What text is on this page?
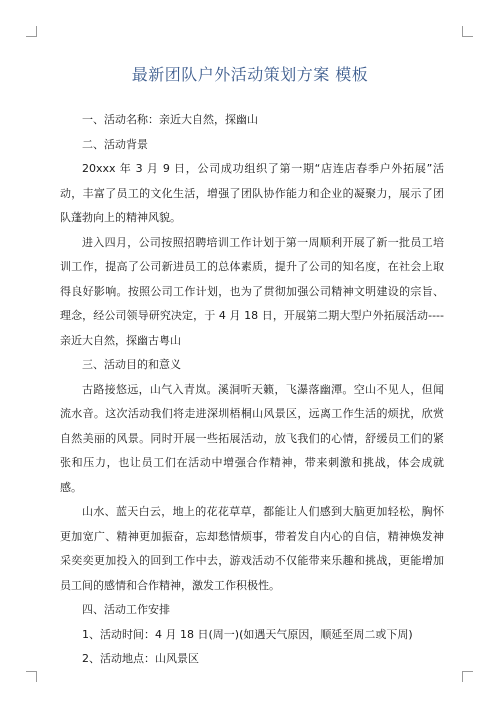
最新团队户外活动策划方案 模板

一、活动名称：亲近大自然，探幽山

二、活动背景

20xxx 年 3 月 9 日，公司成功组织了第一期“店连店春季户外拓展”活动，丰富了员工的文化生活，增强了团队协作能力和企业的凝聚力，展示了团队蓬勃向上的精神风貌。

进入四月，公司按照招聘培训工作计划于第一周顺利开展了新一批员工培训工作，提高了公司新进员工的总体素质，提升了公司的知名度，在社会上取得良好影响。按照公司工作计划，也为了贯彻加强公司精神文明建设的宗旨、理念，经公司领导研究决定，于 4 月 18 日，开展第二期大型户外拓展活动----亲近大自然，探幽古粤山

三、活动目的和意义

古路接悠远，山气入青岚。溪洞听天籁，飞瀑落幽潭。空山不见人，但闻流水音。这次活动我们将走进深圳梧桐山风景区，远离工作生活的烦扰，欣赏自然美丽的风景。同时开展一些拓展活动，放飞我们的心情，舒缓员工们的紧张和压力，也让员工们在活动中增强合作精神，带来刺激和挑战，体会成就感。

山水、蓝天白云，地上的花花草草，都能让人们感到大脑更加轻松，胸怀更加宽广、精神更加振奋，忘却愁情烦事，带着发自内心的自信，精神焕发神采奕奕更加投入的回到工作中去，游戏活动不仅能带来乐趣和挑战，更能增加员工间的感情和合作精神，激发工作积极性。

四、活动工作安排

1、活动时间：4 月 18 日(周一)(如遇天气原因，顺延至周二或下周)

2、活动地点：山风景区
